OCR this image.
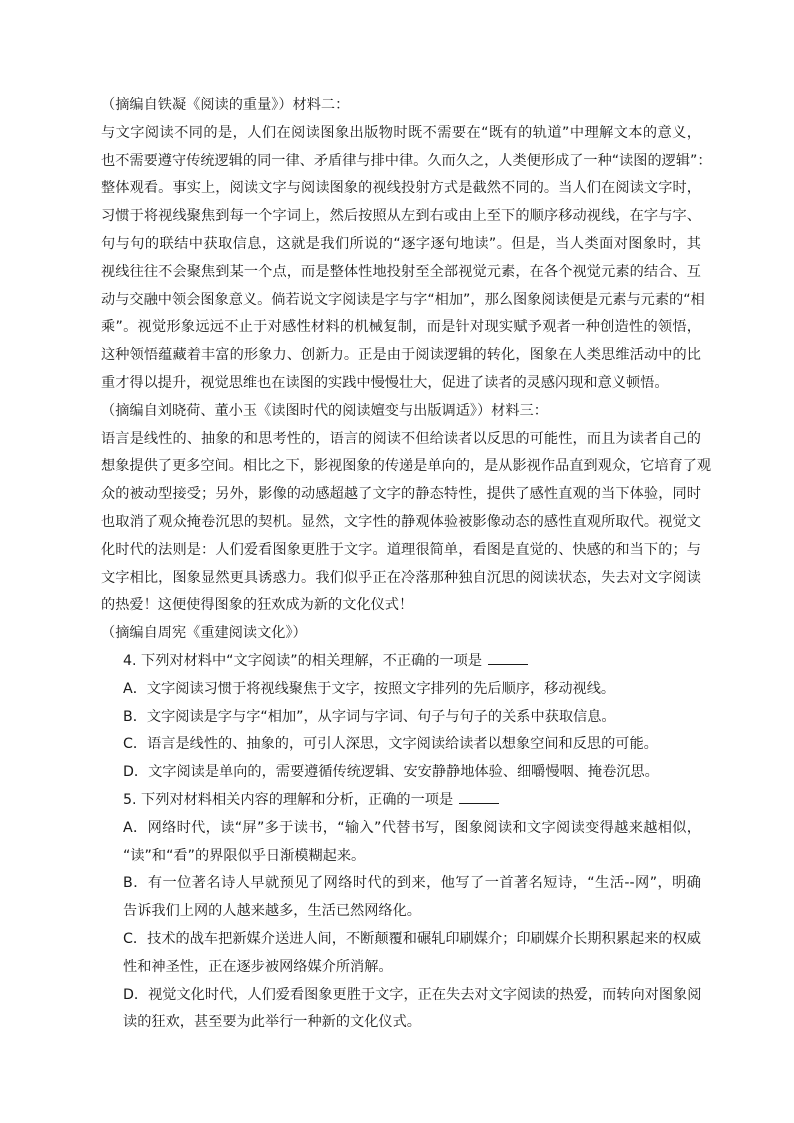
（摘编自铁凝《阅读的重量》）材料二：
与文字阅读不同的是，人们在阅读图象出版物时既不需要在“既有的轨道”中理解文本的意义，
也不需要遵守传统逻辑的同一律、矛盾律与排中律。久而久之，人类便形成了一种“读图的逻辑”：
整体观看。事实上，阅读文字与阅读图象的视线投射方式是截然不同的。当人们在阅读文字时，
习惯于将视线聚焦到每一个字词上，然后按照从左到右或由上至下的顺序移动视线，在字与字、
句与句的联结中获取信息，这就是我们所说的“逐字逐句地读”。但是，当人类面对图象时，其
视线往往不会聚焦到某一个点，而是整体性地投射至全部视觉元素，在各个视觉元素的结合、互
动与交融中领会图象意义。倘若说文字阅读是字与字“相加”，那么图象阅读便是元素与元素的“相
乘”。视觉形象远远不止于对感性材料的机械复制，而是针对现实赋予观者一种创造性的领悟，
这种领悟蕴藏着丰富的形象力、创新力。正是由于阅读逻辑的转化，图象在人类思维活动中的比
重才得以提升，视觉思维也在读图的实践中慢慢壮大，促进了读者的灵感闪现和意义顿悟。
（摘编自刘晓荷、董小玉《读图时代的阅读嬗变与出版调适》）材料三：
语言是线性的、抽象的和思考性的，语言的阅读不但给读者以反思的可能性，而且为读者自己的
想象提供了更多空间。相比之下，影视图象的传递是单向的，是从影视作品直到观众，它培育了观
众的被动型接受；另外，影像的动感超越了文字的静态特性，提供了感性直观的当下体验，同时
也取消了观众掩卷沉思的契机。显然，文字性的静观体验被影像动态的感性直观所取代。视觉文
化时代的法则是：人们爱看图象更胜于文字。道理很简单，看图是直觉的、快感的和当下的；与
文字相比，图象显然更具诱惑力。我们似乎正在冷落那种独自沉思的阅读状态，失去对文字阅读
的热爱！这便使得图象的狂欢成为新的文化仪式！
（摘编自周宪《重建阅读文化》）
4. 下列对材料中“文字阅读”的相关理解，不正确的一项是
A．文字阅读习惯于将视线聚焦于文字，按照文字排列的先后顺序，移动视线。
B．文字阅读是字与字“相加”，从字词与字词、句子与句子的关系中获取信息。
C．语言是线性的、抽象的，可引人深思，文字阅读给读者以想象空间和反思的可能。
D．文字阅读是单向的，需要遵循传统逻辑、安安静静地体验、细嚼慢咽、掩卷沉思。
5. 下列对材料相关内容的理解和分析，正确的一项是
A．网络时代，读“屏”多于读书，“输入”代替书写，图象阅读和文字阅读变得越来越相似，
“读”和“看”的界限似乎日渐模糊起来。
B．有一位著名诗人早就预见了网络时代的到来，他写了一首著名短诗，“生活--网”，明确
告诉我们上网的人越来越多，生活已然网络化。
C．技术的战车把新媒介送进人间，不断颠覆和碾轧印刷媒介；印刷媒介长期积累起来的权威
性和神圣性，正在逐步被网络媒介所消解。
D．视觉文化时代，人们爱看图象更胜于文字，正在失去对文字阅读的热爱，而转向对图象阅
读的狂欢，甚至要为此举行一种新的文化仪式。
